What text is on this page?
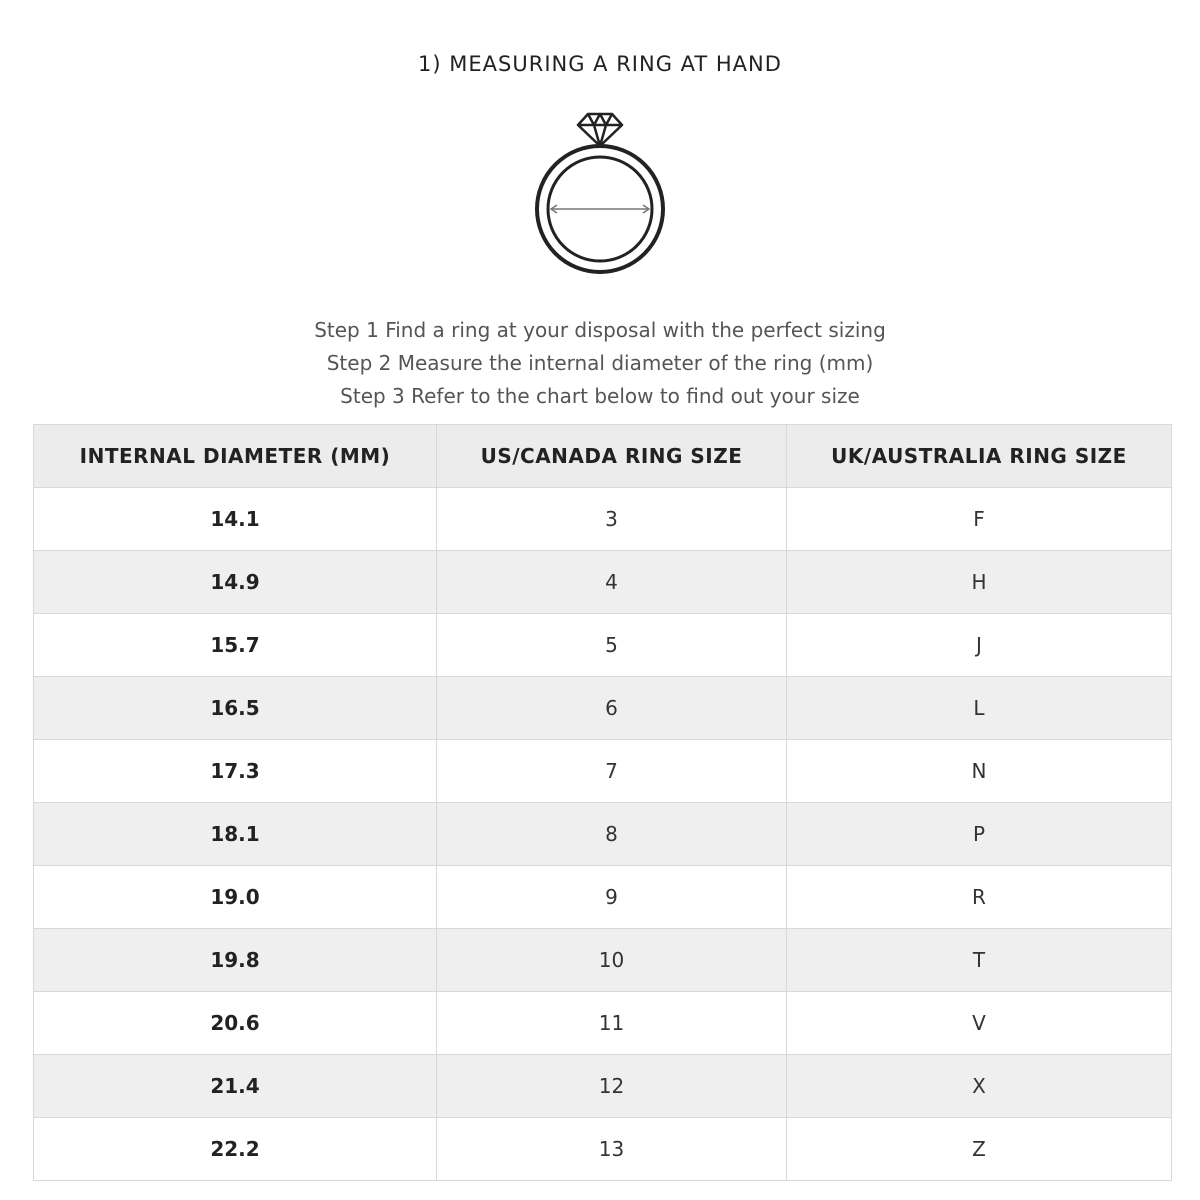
1) MEASURING A RING AT HAND
Step 1 Find a ring at your disposal with the perfect sizing
Step 2 Measure the internal diameter of the ring (mm)
Step 3 Refer to the chart below to find out your size
INTERNAL DIAMETER (MM)	US/CANADA RING SIZE	UK/AUSTRALIA RING SIZE
14.1	3	F
14.9	4	H
15.7	5	J
16.5	6	L
17.3	7	N
18.1	8	P
19.0	9	R
19.8	10	T
20.6	11	V
21.4	12	X
22.2	13	Z
